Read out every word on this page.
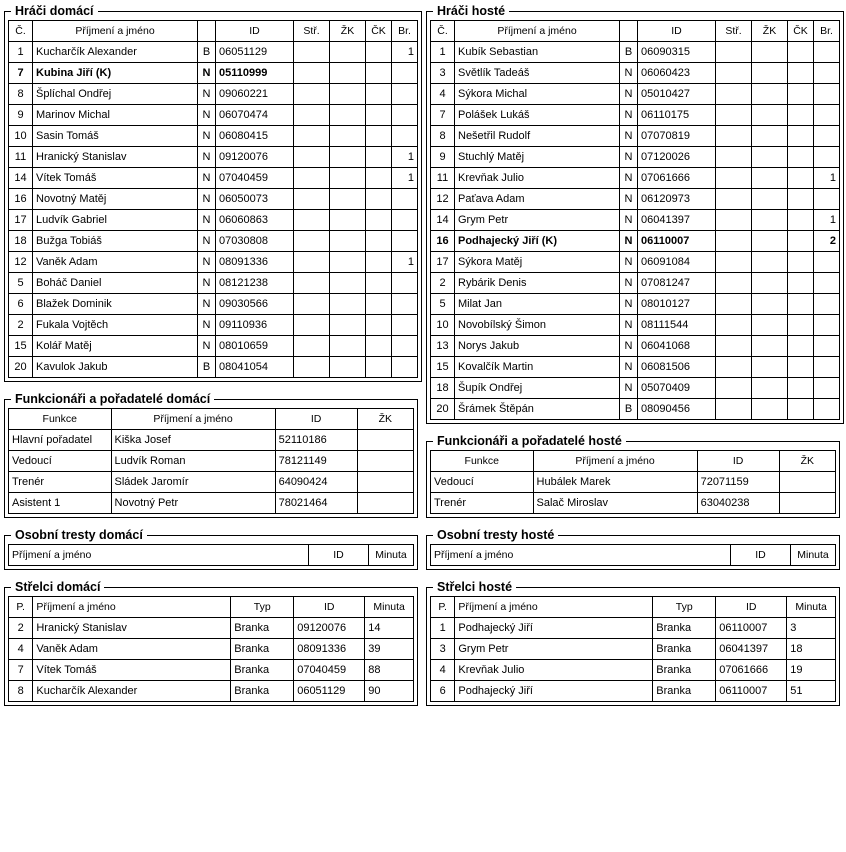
Hráči domácí
Č.	Příjmení a jméno		ID	Stř.	ŽK	ČK	Br.
1	Kucharčík Alexander	B	06051129				1
7	Kubina Jiří (K)	N	05110999				
8	Šplíchal Ondřej	N	09060221				
9	Marinov Michal	N	06070474				
10	Sasin Tomáš	N	06080415				
11	Hranický Stanislav	N	09120076				1
14	Vítek Tomáš	N	07040459				1
16	Novotný Matěj	N	06050073				
17	Ludvík Gabriel	N	06060863				
18	Bužga Tobiáš	N	07030808				
12	Vaněk Adam	N	08091336				1
5	Boháč Daniel	N	08121238				
6	Blažek Dominik	N	09030566				
2	Fukala Vojtěch	N	09110936				
15	Kolář Matěj	N	08010659				
20	Kavulok Jakub	B	08041054				
Funkcionáři a pořadatelé domácí
Funkce	Příjmení a jméno	ID	ŽK
Hlavní pořadatel	Kiška Josef	52110186	
Vedoucí	Ludvík Roman	78121149	
Trenér	Sládek Jaromír	64090424	
Asistent 1	Novotný Petr	78021464	
Osobní tresty domácí
Příjmení a jméno	ID	Minuta
Střelci domácí
P.	Příjmení a jméno	Typ	ID	Minuta
2	Hranický Stanislav	Branka	09120076	14
4	Vaněk Adam	Branka	08091336	39
7	Vítek Tomáš	Branka	07040459	88
8	Kucharčík Alexander	Branka	06051129	90
Hráči hosté
Č.	Příjmení a jméno		ID	Stř.	ŽK	ČK	Br.
1	Kubík Sebastian	B	06090315				
3	Světlík Tadeáš	N	06060423				
4	Sýkora Michal	N	05010427				
7	Polášek Lukáš	N	06110175				
8	Nešetřil Rudolf	N	07070819				
9	Stuchlý Matěj	N	07120026				
11	Krevňak Julio	N	07061666				1
12	Paťava Adam	N	06120973				
14	Grym Petr	N	06041397				1
16	Podhajecký Jiří (K)	N	06110007				2
17	Sýkora Matěj	N	06091084				
2	Rybárik Denis	N	07081247				
5	Milat Jan	N	08010127				
10	Novobílský Šimon	N	08111544				
13	Norys Jakub	N	06041068				
15	Kovalčík Martin	N	06081506				
18	Šupík Ondřej	N	05070409				
20	Šrámek Štěpán	B	08090456				
Funkcionáři a pořadatelé hosté
Funkce	Příjmení a jméno	ID	ŽK
Vedoucí	Hubálek Marek	72071159	
Trenér	Salač Miroslav	63040238	
Osobní tresty hosté
Příjmení a jméno	ID	Minuta
Střelci hosté
P.	Příjmení a jméno	Typ	ID	Minuta
1	Podhajecký Jiří	Branka	06110007	3
3	Grym Petr	Branka	06041397	18
4	Krevňak Julio	Branka	07061666	19
6	Podhajecký Jiří	Branka	06110007	51
